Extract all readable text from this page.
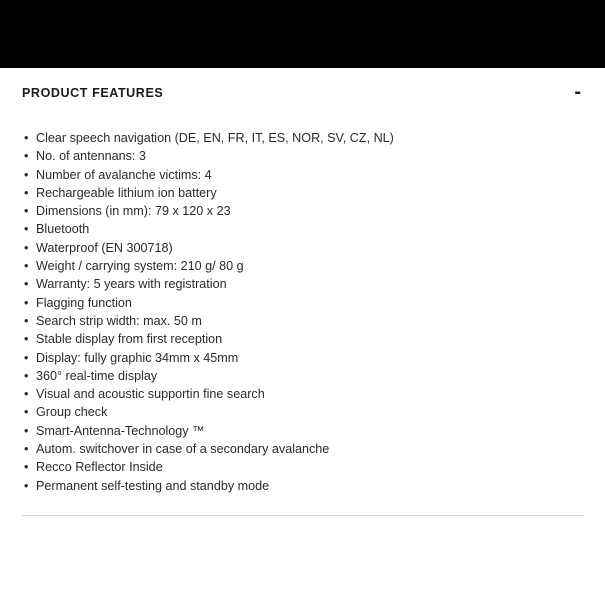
PRODUCT FEATURES	-
• Clear speech navigation (DE, EN, FR, IT, ES, NOR, SV, CZ, NL)
• No. of antennans: 3
• Number of avalanche victims: 4
• Rechargeable lithium ion battery
• Dimensions (in mm): 79 x 120 x 23
• Bluetooth
• Waterproof (EN 300718)
• Weight / carrying system: 210 g/ 80 g
• Warranty: 5 years with registration
• Flagging function
• Search strip width: max. 50 m
• Stable display from first reception
• Display: fully graphic 34mm x 45mm
• 360° real-time display
• Visual and acoustic supportin fine search
• Group check
• Smart-Antenna-Technology ™
• Autom. switchover in case of a secondary avalanche
• Recco Reflector Inside
• Permanent self-testing and standby mode
